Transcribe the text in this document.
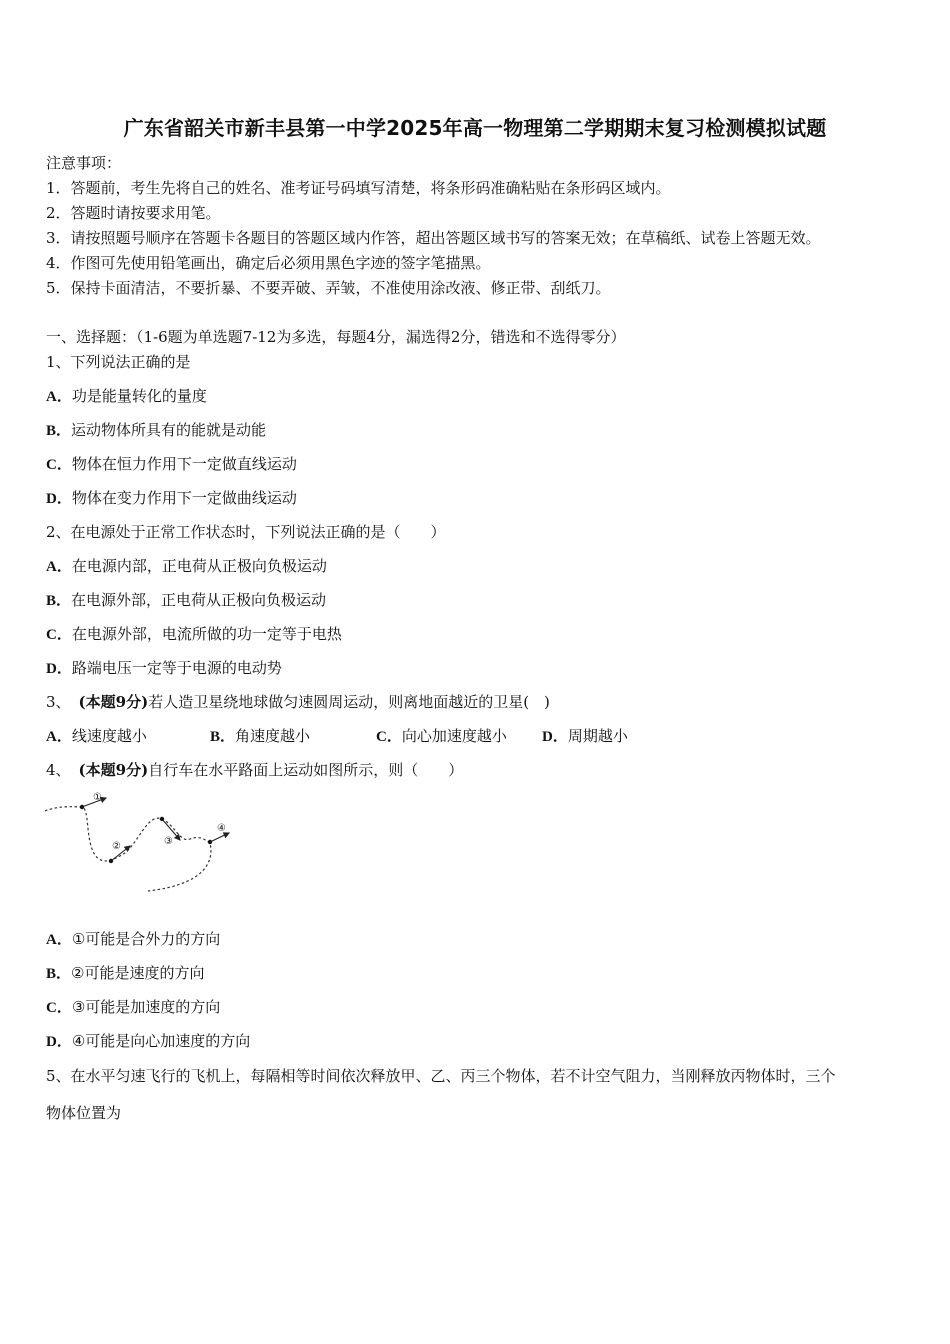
广东省韶关市新丰县第一中学2025年高一物理第二学期期末复习检测模拟试题
注意事项：
1．答题前，考生先将自己的姓名、准考证号码填写清楚，将条形码准确粘贴在条形码区域内。
2．答题时请按要求用笔。
3．请按照题号顺序在答题卡各题目的答题区域内作答，超出答题区域书写的答案无效；在草稿纸、试卷上答题无效。
4．作图可先使用铅笔画出，确定后必须用黑色字迹的签字笔描黑。
5．保持卡面清洁，不要折暴、不要弄破、弄皱，不准使用涂改液、修正带、刮纸刀。
一、选择题：（1-6题为单选题7-12为多选，每题4分，漏选得2分，错选和不选得零分）
1、下列说法正确的是
A．功是能量转化的量度
B．运动物体所具有的能就是动能
C．物体在恒力作用下一定做直线运动
D．物体在变力作用下一定做曲线运动
2、在电源处于正常工作状态时，下列说法正确的是（　　）
A．在电源内部，正电荷从正极向负极运动
B．在电源外部，正电荷从正极向负极运动
C．在电源外部，电流所做的功一定等于电热
D．路端电压一定等于电源的电动势
3、 (本题9分)若人造卫星绕地球做匀速圆周运动，则离地面越近的卫星(　)
A．线速度越小	B．角速度越小	C．向心加速度越小 D．周期越小
4、 (本题9分)自行车在水平路面上运动如图所示，则（　　）
①
②	③
④
A．①可能是合外力的方向
B．②可能是速度的方向
C．③可能是加速度的方向
D．④可能是向心加速度的方向
5、在水平匀速飞行的飞机上，每隔相等时间依次释放甲、乙、丙三个物体，若不计空气阻力，当刚释放丙物体时，三个
物体位置为
